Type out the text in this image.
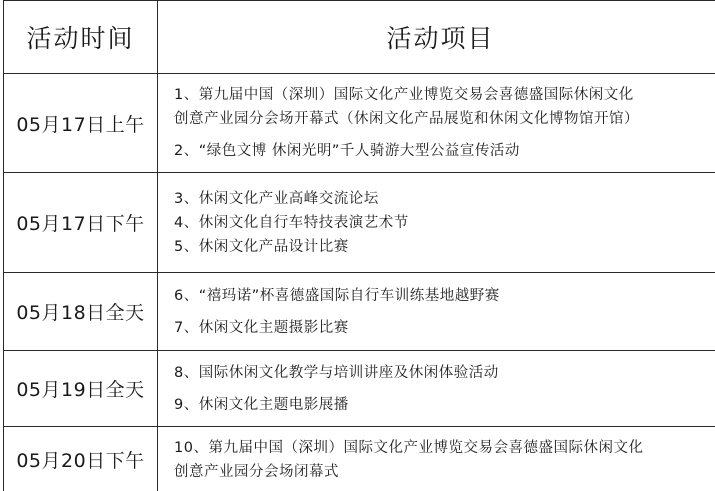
活动时间	活动项目
05月17日上午	1、第九届中国（深圳）国际文化产业博览交易会喜德盛国际休闲文化
创意产业园分会场开幕式（休闲文化产品展览和休闲文化博物馆开馆）
2、“绿色文博 休闲光明”千人骑游大型公益宣传活动

05月17日下午	3、休闲文化产业高峰交流论坛
4、休闲文化自行车特技表演艺术节
5、休闲文化产品设计比赛

05月18日全天	6、“禧玛诺”杯喜德盛国际自行车训练基地越野赛
7、休闲文化主题摄影比赛

05月19日全天	8、国际休闲文化教学与培训讲座及休闲体验活动
9、休闲文化主题电影展播

05月20日下午	10、第九届中国（深圳）国际文化产业博览交易会喜德盛国际休闲文化
创意产业园分会场闭幕式
